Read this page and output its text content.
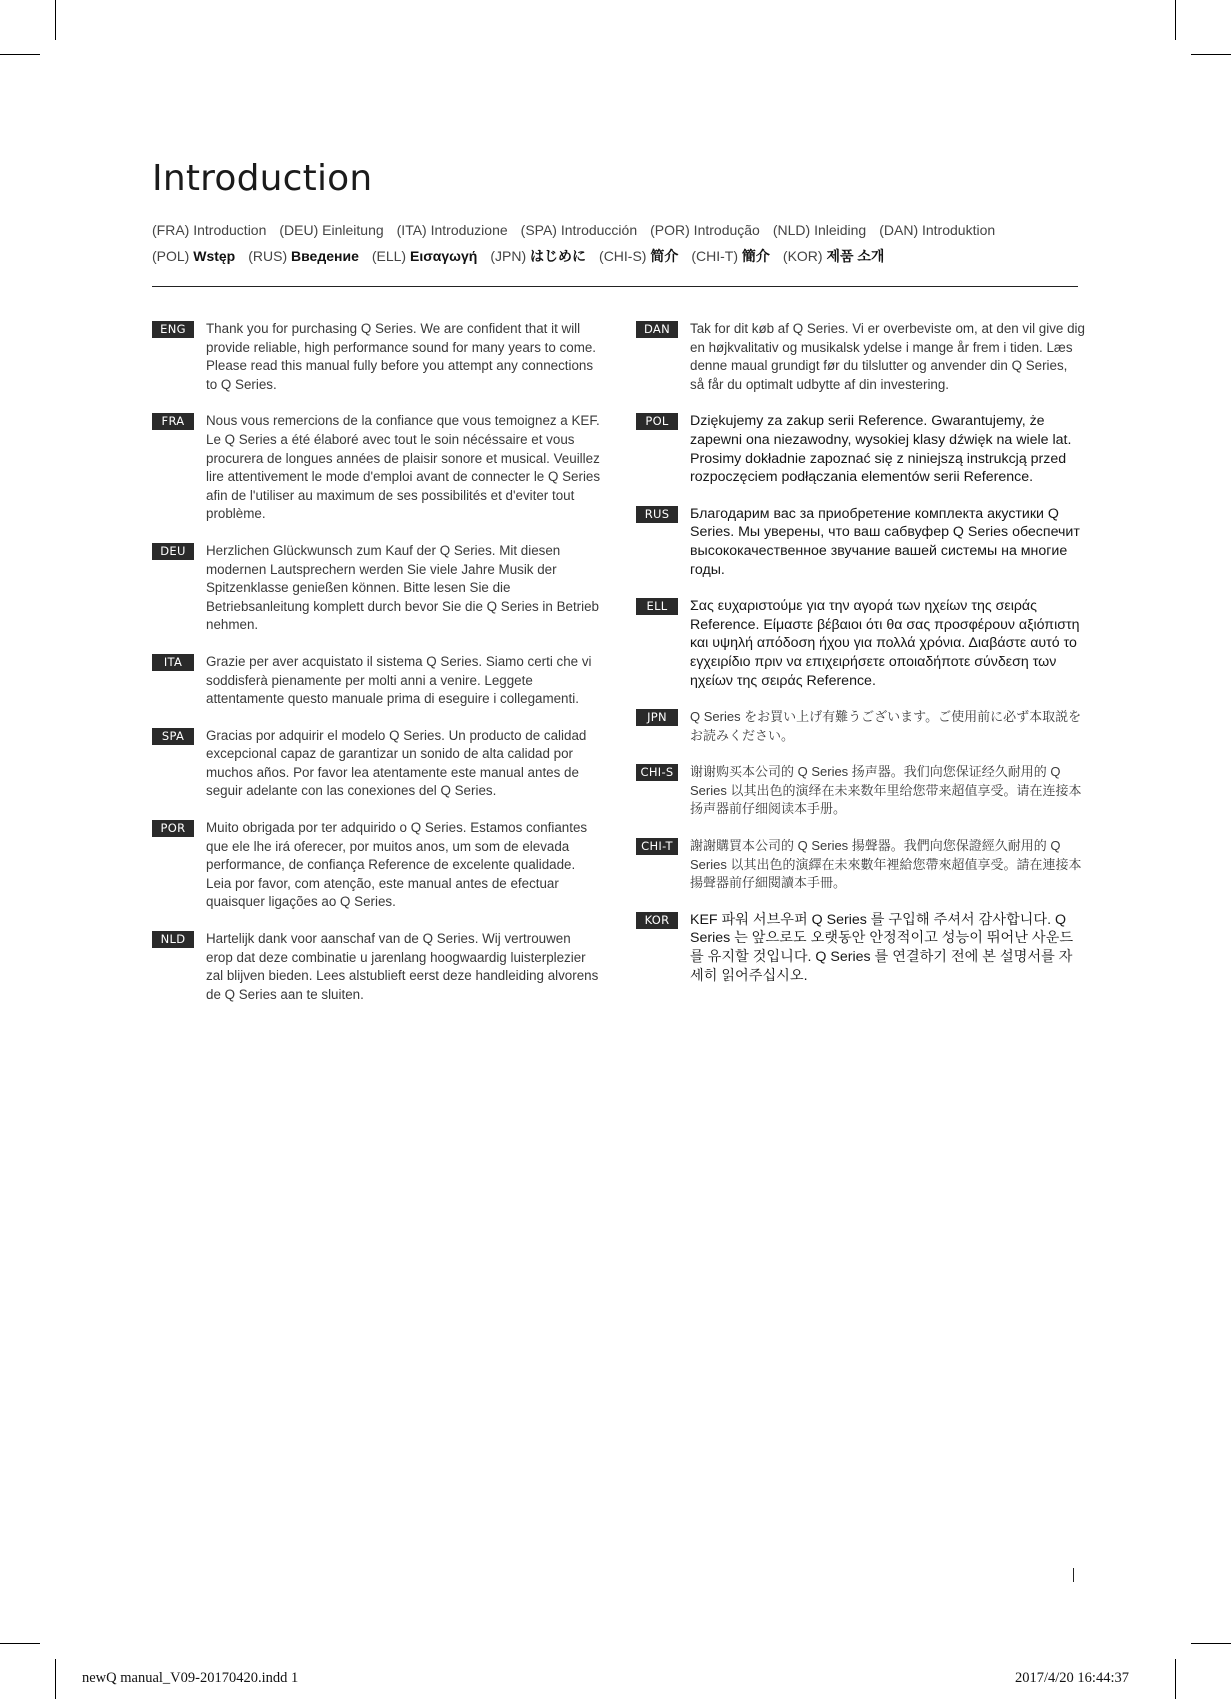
Introduction
(FRA) Introduction (DEU) Einleitung (ITA) Introduzione (SPA) Introducción (POR) Introdução (NLD) Inleiding (DAN) Introduktion
(POL) Wstęp (RUS) Введение (ELL) Εισαγωγή (JPN) はじめに (CHI-S) 简介 (CHI-T) 簡介 (KOR) 제품 소개
ENG	Thank you for purchasing Q Series. We are confident that it will provide reliable, high performance sound for many years to come. Please read this manual fully before you attempt any connections to Q Series.
FRA	Nous vous remercions de la confiance que vous temoignez a KEF. Le Q Series a été élaboré avec tout le soin nécéssaire et vous procurera de longues années de plaisir sonore et musical. Veuillez lire attentivement le mode d'emploi avant de connecter le Q Series afin de l'utiliser au maximum de ses possibilités et d'eviter tout problème.
DEU	Herzlichen Glückwunsch zum Kauf der Q Series. Mit diesen modernen Lautsprechern werden Sie viele Jahre Musik der Spitzenklasse genießen können. Bitte lesen Sie die Betriebsanleitung komplett durch bevor Sie die Q Series in Betrieb nehmen.
ITA	Grazie per aver acquistato il sistema Q Series. Siamo certi che vi soddisferà pienamente per molti anni a venire. Leggete attentamente questo manuale prima di eseguire i collegamenti.
SPA	Gracias por adquirir el modelo Q Series. Un producto de calidad excepcional capaz de garantizar un sonido de alta calidad por muchos años. Por favor lea atentamente este manual antes de seguir adelante con las conexiones del Q Series.
POR	Muito obrigada por ter adquirido o Q Series. Estamos confiantes que ele lhe irá oferecer, por muitos anos, um som de elevada performance, de confiança Reference de excelente qualidade. Leia por favor, com atenção, este manual antes de efectuar quaisquer ligações ao Q Series.
NLD	Hartelijk dank voor aanschaf van de Q Series. Wij vertrouwen erop dat deze combinatie u jarenlang hoogwaardig luisterplezier zal blijven bieden. Lees alstublieft eerst deze handleiding alvorens de Q Series aan te sluiten.
DAN	Tak for dit køb af Q Series. Vi er overbeviste om, at den vil give dig en højkvalitativ og musikalsk ydelse i mange år frem i tiden. Læs denne maual grundigt før du tilslutter og anvender din Q Series, så får du optimalt udbytte af din investering.
POL	Dziękujemy za zakup serii Reference. Gwarantujemy, że zapewni ona niezawodny, wysokiej klasy dźwięk na wiele lat. Prosimy dokładnie zapoznać się z niniejszą instrukcją przed rozpoczęciem podłączania elementów serii Reference.
RUS	Благодарим вас за приобретение комплекта акустики Q Series. Мы уверены, что ваш сабвуфер Q Series обеспечит высококачественное звучание вашей системы на многие годы.
ELL	Σας ευχαριστούμε για την αγορά των ηχείων της σειράς Reference. Είμαστε βέβαιοι ότι θα σας προσφέρουν αξιόπιστη και υψηλή απόδοση ήχου για πολλά χρόνια. Διαβάστε αυτό το εγχειρίδιο πριν να επιχειρήσετε οποιαδήποτε σύνδεση των ηχείων της σειράς Reference.
JPN	Q Series をお買い上げ有難うございます。ご使用前に必ず本取説をお読みください。
CHI-S	谢谢购买本公司的 Q Series 扬声器。我们向您保证经久耐用的 Q Series 以其出色的演绎在未来数年里给您带来超值享受。请在连接本扬声器前仔细阅读本手册。
CHI-T	謝謝購買本公司的 Q Series 揚聲器。我們向您保證經久耐用的 Q Series 以其出色的演繹在未來數年裡給您帶來超值享受。請在連接本揚聲器前仔細閱讀本手冊。
KOR	KEF 파워 서브우퍼 Q Series 를 구입해 주셔서 감사합니다. Q Series 는 앞으로도 오랫동안 안정적이고 성능이 뛰어난 사운드를 유지할 것입니다. Q Series 를 연결하기 전에 본 설명서를 자세히 읽어주십시오.
newQ manual_V09-20170420.indd 1	2017/4/20 16:44:37
